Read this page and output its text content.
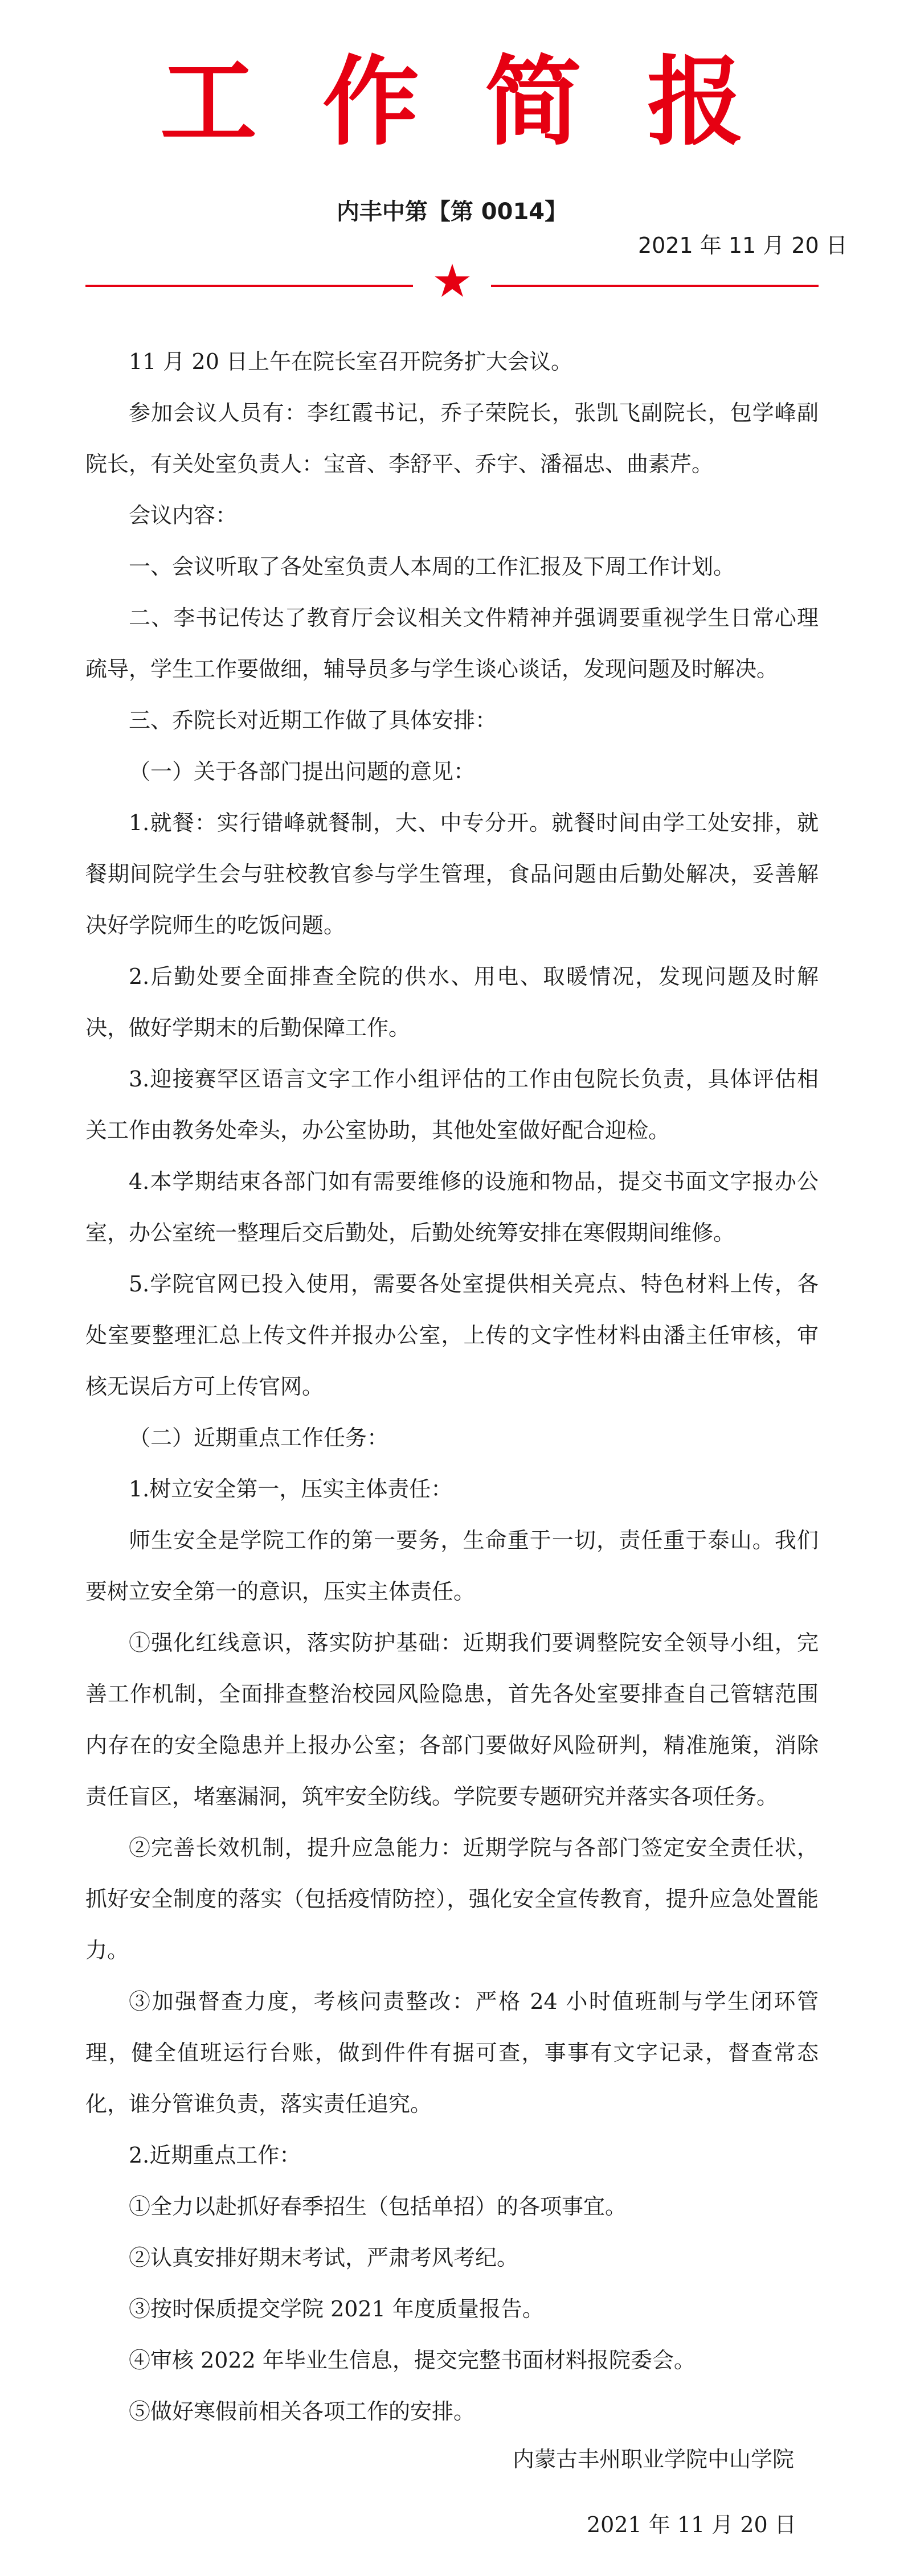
工作简报
内丰中第【第 0014】
2021 年 11 月 20 日
★

11 月 20 日上午在院长室召开院务扩大会议。

参加会议人员有：李红霞书记，乔子荣院长，张凯飞副院长，包学峰副院长，有关处室负责人：宝音、李舒平、乔宇、潘福忠、曲素芹。

会议内容：

一、会议听取了各处室负责人本周的工作汇报及下周工作计划。

二、李书记传达了教育厅会议相关文件精神并强调要重视学生日常心理疏导，学生工作要做细，辅导员多与学生谈心谈话，发现问题及时解决。

三、乔院长对近期工作做了具体安排：

（一）关于各部门提出问题的意见：

1.就餐：实行错峰就餐制，大、中专分开。就餐时间由学工处安排，就餐期间院学生会与驻校教官参与学生管理，食品问题由后勤处解决，妥善解决好学院师生的吃饭问题。

2.后勤处要全面排查全院的供水、用电、取暖情况，发现问题及时解决，做好学期末的后勤保障工作。

3.迎接赛罕区语言文字工作小组评估的工作由包院长负责，具体评估相关工作由教务处牵头，办公室协助，其他处室做好配合迎检。

4.本学期结束各部门如有需要维修的设施和物品，提交书面文字报办公室，办公室统一整理后交后勤处，后勤处统筹安排在寒假期间维修。

5.学院官网已投入使用，需要各处室提供相关亮点、特色材料上传，各处室要整理汇总上传文件并报办公室，上传的文字性材料由潘主任审核，审核无误后方可上传官网。

（二）近期重点工作任务：

1.树立安全第一，压实主体责任：

师生安全是学院工作的第一要务，生命重于一切，责任重于泰山。我们要树立安全第一的意识，压实主体责任。

①强化红线意识，落实防护基础：近期我们要调整院安全领导小组，完善工作机制，全面排查整治校园风险隐患，首先各处室要排查自己管辖范围内存在的安全隐患并上报办公室；各部门要做好风险研判，精准施策，消除责任盲区，堵塞漏洞，筑牢安全防线。学院要专题研究并落实各项任务。

②完善长效机制，提升应急能力：近期学院与各部门签定安全责任状，抓好安全制度的落实（包括疫情防控），强化安全宣传教育，提升应急处置能力。

③加强督查力度，考核问责整改：严格 24 小时值班制与学生闭环管理，健全值班运行台账，做到件件有据可查，事事有文字记录，督查常态化，谁分管谁负责，落实责任追究。

2.近期重点工作：

①全力以赴抓好春季招生（包括单招）的各项事宜。

②认真安排好期末考试，严肃考风考纪。

③按时保质提交学院 2021 年度质量报告。

④审核 2022 年毕业生信息，提交完整书面材料报院委会。

⑤做好寒假前相关各项工作的安排。

内蒙古丰州职业学院中山学院
2021 年 11 月 20 日
